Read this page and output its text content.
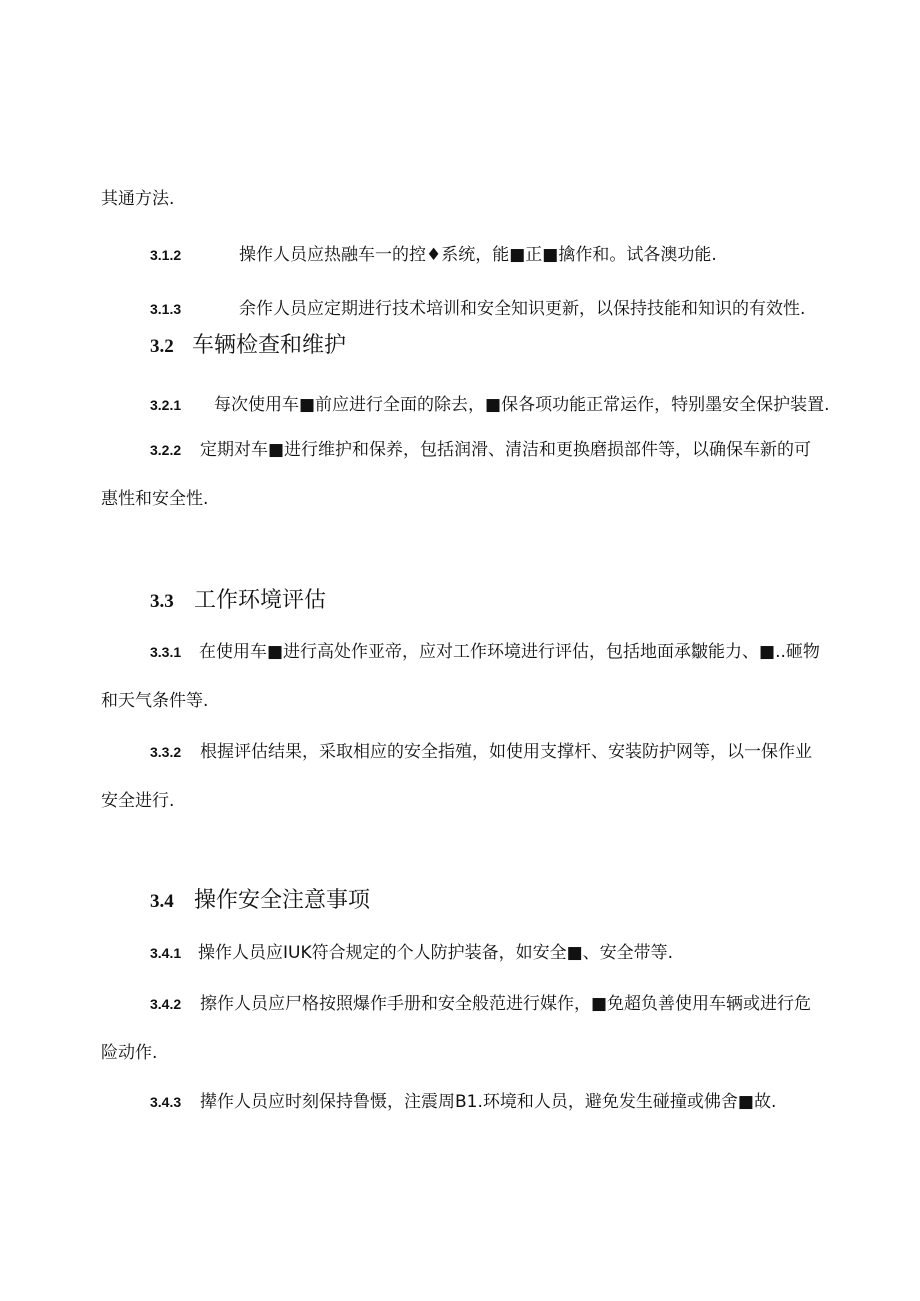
其通方法.
3.1.2	操作人员应热融车一的控♦系统，能■正■擒作和。试各澳功能.
3.1.3	余作人员应定期进行技术培训和安全知识更新，以保持技能和知识的有效性.
3.2 车辆检查和维护
3.2.1 每次使用车■前应进行全面的除去，■保各项功能正常运作，特别墨安全保护装置.
3.2.2 定期对车■进行维护和保养，包括润滑、清洁和更换磨损部件等，以确保车新的可
惠性和安全性.
3.3 工作环境评估
3.3.1 在使用车■进行高处作亚帝，应对工作环境进行评估，包括地面承皺能力、■..砸物
和天气条件等.
3.3.2 根握评估结果，采取相应的安全指殖，如使用支撑杆、安装防护网等，以一保作业
安全进行.
3.4 操作安全注意事项
3.4.1 操作人员应IUK符合规定的个人防护装备，如安全■、安全带等.
3.4.2 擦作人员应尸格按照爆作手册和安全般范进行媒作，■免超负善使用车辆或进行危
险动作.
3.4.3 撵作人员应时刻保持鲁慑，注震周B1.环境和人员，避免发生碰撞或佛舍■故.
